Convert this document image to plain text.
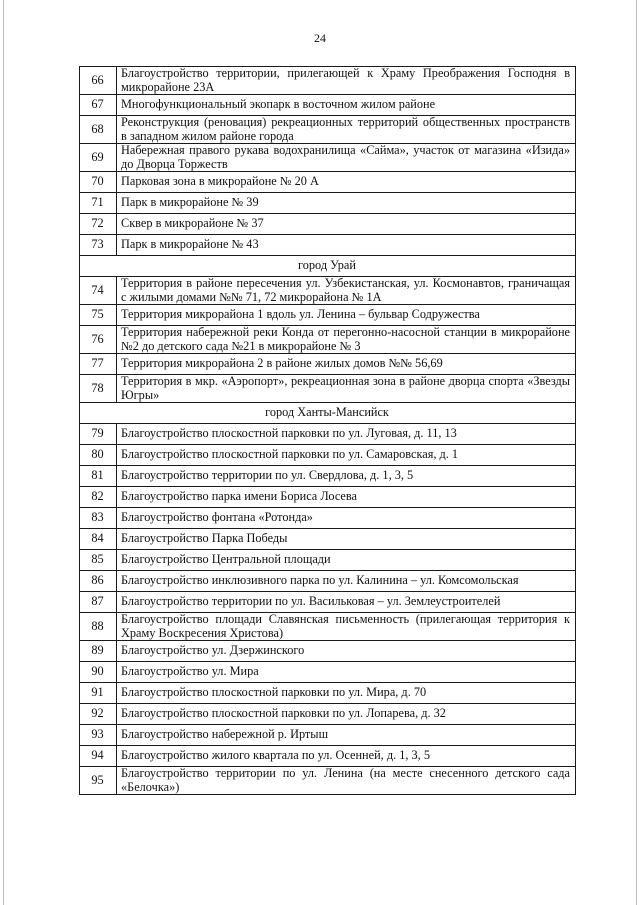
24
66	Благоустройство территории, прилегающей к Храму Преображения Господня в микрорайоне 23А
67	Многофункциональный экопарк в восточном жилом районе
68	Реконструкция (реновация) рекреационных территорий общественных пространств в западном жилом районе города
69	Набережная правого рукава водохранилища «Сайма», участок от магазина «Изида» до Дворца Торжеств
70	Парковая зона в микрорайоне № 20 А
71	Парк в микрорайоне № 39
72	Сквер в микрорайоне № 37
73	Парк в микрорайоне № 43
город Урай	
74	Территория в районе пересечения ул. Узбекистанская, ул. Космонавтов, граничащая с жилыми домами №№ 71, 72 микрорайона № 1А
75	Территория микрорайона 1 вдоль ул. Ленина – бульвар Содружества
76	Территория набережной реки Конда от перегонно-насосной станции в микрорайоне №2 до детского сада №21 в микрорайоне № 3
77	Территория микрорайона 2 в районе жилых домов №№ 56,69
78	Территория в мкр. «Аэропорт», рекреационная зона в районе дворца спорта «Звезды Югры»
город Ханты-Мансийск	
79	Благоустройство плоскостной парковки по ул. Луговая, д. 11, 13
80	Благоустройство плоскостной парковки по ул. Самаровская, д. 1
81	Благоустройство территории по ул. Свердлова, д. 1, 3, 5
82	Благоустройство парка имени Бориса Лосева
83	Благоустройство фонтана «Ротонда»
84	Благоустройство Парка Победы
85	Благоустройство Центральной площади
86	Благоустройство инклюзивного парка по ул. Калинина – ул. Комсомольская
87	Благоустройство территории по ул. Васильковая – ул. Землеустроителей
88	Благоустройство площади Славянская письменность (прилегающая территория к Храму Воскресения Христова)
89	Благоустройство ул. Дзержинского
90	Благоустройство ул. Мира
91	Благоустройство плоскостной парковки по ул. Мира, д. 70
92	Благоустройство плоскостной парковки по ул. Лопарева, д. 32
93	Благоустройство набережной р. Иртыш
94	Благоустройство жилого квартала по ул. Осенней, д. 1, 3, 5
95	Благоустройство территории по ул. Ленина (на месте снесенного детского сада «Белочка»)
